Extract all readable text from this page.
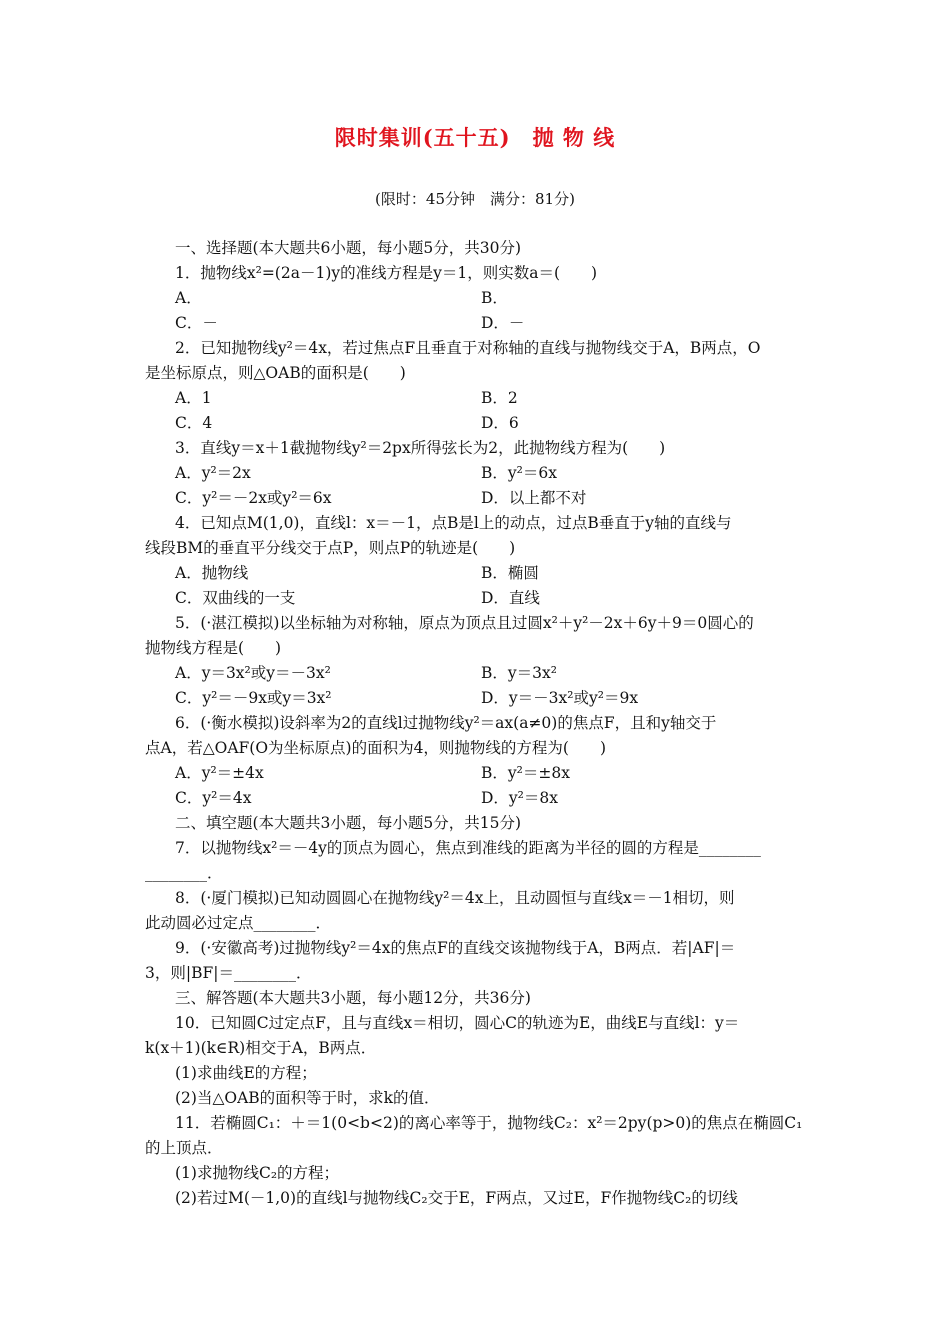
限时集训(五十五)　抛 物 线
(限时：45分钟　满分：81分)
一、选择题(本大题共6小题，每小题5分，共30分)
1．抛物线x²=(2a－1)y的准线方程是y＝1，则实数a＝(　　)
A．	B．
C．－	D．－
2．已知抛物线y²＝4x，若过焦点F且垂直于对称轴的直线与抛物线交于A，B两点，O
是坐标原点，则△OAB的面积是(　　)
A．1	B．2
C．4	D．6
3．直线y＝x＋1截抛物线y²＝2px所得弦长为2，此抛物线方程为(　　)
A．y²＝2x	B．y²＝6x
C．y²＝－2x或y²＝6x	D．以上都不对
4．已知点M(1,0)，直线l：x＝－1，点B是l上的动点，过点B垂直于y轴的直线与
线段BM的垂直平分线交于点P，则点P的轨迹是(　　)
A．抛物线	B．椭圆
C．双曲线的一支	D．直线
5．(·湛江模拟)以坐标轴为对称轴，原点为顶点且过圆x²＋y²－2x＋6y＋9＝0圆心的
抛物线方程是(　　)
A．y＝3x²或y＝－3x²	B．y＝3x²
C．y²＝－9x或y＝3x²	D．y＝－3x²或y²＝9x
6．(·衡水模拟)设斜率为2的直线l过抛物线y²＝ax(a≠0)的焦点F，且和y轴交于
点A，若△OAF(O为坐标原点)的面积为4，则抛物线的方程为(　　)
A．y²＝±4x	B．y²＝±8x
C．y²＝4x	D．y²＝8x
二、填空题(本大题共3小题，每小题5分，共15分)
7．以抛物线x²＝－4y的顶点为圆心，焦点到准线的距离为半径的圆的方程是________
________．
8．(·厦门模拟)已知动圆圆心在抛物线y²＝4x上，且动圆恒与直线x＝－1相切，则
此动圆必过定点________．
9．(·安徽高考)过抛物线y²＝4x的焦点F的直线交该抛物线于A，B两点．若|AF|＝
3，则|BF|＝________．
三、解答题(本大题共3小题，每小题12分，共36分)
10．已知圆C过定点F，且与直线x＝相切，圆心C的轨迹为E，曲线E与直线l：y＝
k(x＋1)(k∈R)相交于A，B两点．
(1)求曲线E的方程；
(2)当△OAB的面积等于时，求k的值．
11．若椭圆C₁：＋＝1(0<b<2)的离心率等于，抛物线C₂：x²＝2py(p>0)的焦点在椭圆C₁
的上顶点．
(1)求抛物线C₂的方程；
(2)若过M(－1,0)的直线l与抛物线C₂交于E，F两点，又过E，F作抛物线C₂的切线
